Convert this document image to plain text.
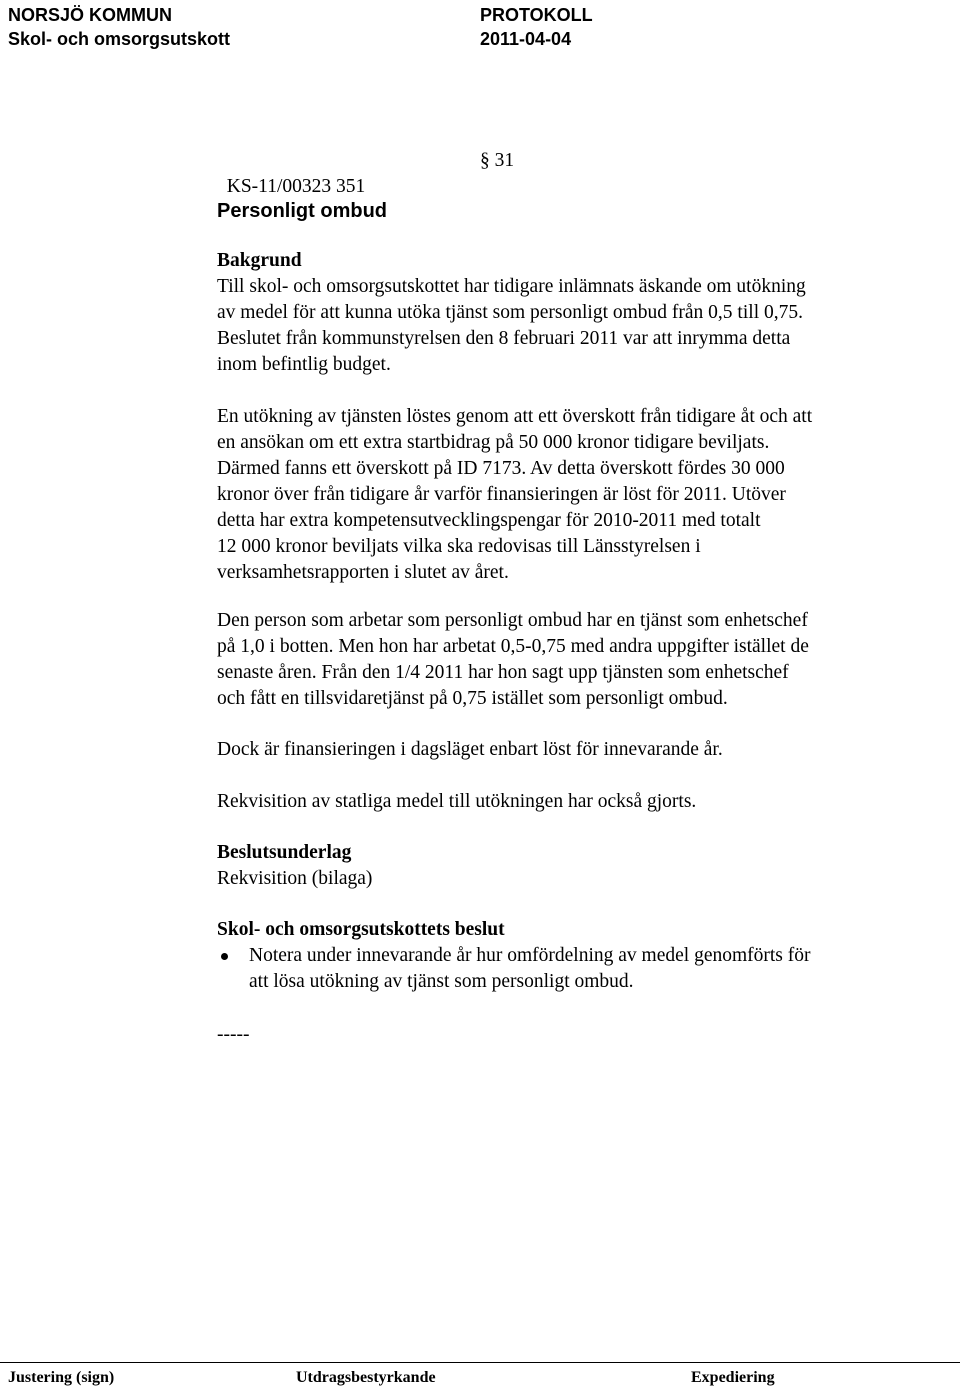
NORSJÖ KOMMUN
Skol- och omsorgsutskott
PROTOKOLL
2011-04-04

KS-11/00323 351

§ 31

Personligt ombud
Bakgrund
Till skol- och omsorgsutskottet har tidigare inlämnats äskande om utökning
av medel för att kunna utöka tjänst som personligt ombud från 0,5 till 0,75.
Beslutet från kommunstyrelsen den 8 februari 2011 var att inrymma detta
inom befintlig budget.
En utökning av tjänsten löstes genom att ett överskott från tidigare åt och att
en ansökan om ett extra startbidrag på 50 000 kronor tidigare beviljats.
Därmed fanns ett överskott på ID 7173. Av detta överskott fördes 30 000
kronor över från tidigare år varför finansieringen är löst för 2011. Utöver
detta har extra kompetensutvecklingspengar för 2010-2011 med totalt
12 000 kronor beviljats vilka ska redovisas till Länsstyrelsen i
verksamhetsrapporten i slutet av året.
Den person som arbetar som personligt ombud har en tjänst som enhetschef
på 1,0 i botten. Men hon har arbetat 0,5-0,75 med andra uppgifter istället de
senaste åren. Från den 1/4 2011 har hon sagt upp tjänsten som enhetschef
och fått en tillsvidaretjänst på 0,75 istället som personligt ombud.
Dock är finansieringen i dagsläget enbart löst för innevarande år.
Rekvisition av statliga medel till utökningen har också gjorts.
Beslutsunderlag
Rekvisition (bilaga)
Skol- och omsorgsutskottets beslut
Notera under innevarande år hur omfördelning av medel genomförts för
att lösa utökning av tjänst som personligt ombud.
-----
Justering (sign)	Utdragsbestyrkande	Expediering
